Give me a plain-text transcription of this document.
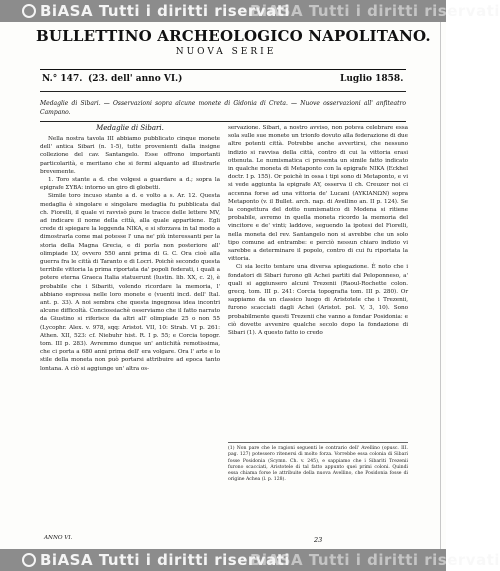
BiASA Tutti i diritti riservati
BiASA Tutti i diritti riservati
BULLETTINO ARCHEOLOGICO NAPOLITANO.
NUOVA SERIE
N.° 147. (23. dell' anno VI.)	Luglio 1858.
Medaglie di Sibari. — Osservazioni sopra alcune monete di Gidonia di Creta. — Nuove osservazioni all' anfiteatro Campano.
Medaglie di Sibari.

Nella nostra tavola III abbiamo pubblicato cinque monete dell' antica Sibari (n. 1-5), tutte provenienti dalla insigne collezione del cav. Santangelo. Esse offrono importanti particolarità, e meritano che si fermi alquanto ad illustrarle brevemente.

1. Toro stante a d. che volgesi a guardare a d.; sopra la epigrafe ΣYBA: intorno un giro di globetti.

Simile toro incuso stante a d. e volto a s. Ar. 12. Questa medaglia è singolare e singolare medaglia fu pubblicata dal ch. Fiorelli, il quale vi ravvisò pure le tracce delle lettere MV, ad indicare il nome della città, alla quale appartiene. Egli crede di spiegare la leggenda NIKA, e si sforzava in tal modo a dimostrarla come mai potesse l' una ne' più interessanti per la storia della Magna Grecia, e di porla non posteriore all' olimpiade LV, ovvero 550 anni prima di G. C. Ora cioè alla guerra fra le città di Taranto e di Locri. Poichè secondo questa terribile vittoria la prima riportata da' popoli federati, i quali a potere eterna Graeca Italia statuerunt (Iustin. lib. XX, c. 2), è probabile che i Sibariti, volendo ricordare la memoria, l' abbiano espressa nelle loro monete e (vuenti incd. dell' Ital. ant. p. 33). A noi sembra che questa ingegnosa idea incontri alcune difficoltà. Conciossiachè osserviamo che il fatto narrato da Giustino si riferisce da altri all' olimpiade 25 o non 55 (Lycophr. Alex. v. 978, sqq: Aristot. VII, 10: Strab. VI p. 261: Athen. XII, 523: cf. Niebuhr hist. R. I p. 55; e Corcia topogr. tom. III p. 283). Avremmo dunque un' antichità remotissima, che ci porta a 680 anni prima dell' era volgare. Ora l' arte e lo stile della moneta non può portarsi attribuire ad epoca tanto lontana. A ciò si aggiunge un' altra os-

ANNO VI.

servazione. Sibari, a nostro avviso, non poteva celebrare essa sola sulle sue monete un trionfo dovuto alla federazione di due altre potenti città. Potrebbe anche avvertirsi, che nessuno indizio si ravvisa della città, contro di cui la vittoria erasi ottenuta. Le numismatica ci presenta un simile fatto indicato in qualche moneta di Metaponto con la epigrafe NIKA (Eckhel doctr. I p. 155). Or poichè in ossa i tipi sono di Metaponto, e vi si vede aggiunta la epigrafe AY, osserva il ch. Creuzer noi ci accenna forse ad una vittoria de' Lucani (AYKIANΩN) sopra Metaponto (v. il Bullet. arch. nap. di Avellino an. II p. 124). Se la congettura del dotto numismatico di Modena si ritiene probabile, avremo in quella moneta ricordo la memoria del vincitore e de' vinti; laddove, seguendo la ipotesi del Fiorelli, nella moneta del rev. Santangelo non si avrebbe che un solo tipo comune ad entrambe: e perciò nessun chiaro indizio vi sarebbe a determinare il popolo, contro di cui fu riportata la vittoria.

Ci sia lecito tentare una diversa spiegazione. È noto che i fondatori di Sibari furono gli Achei partiti dal Peloponneso, a' quali si aggiunsero alcuni Trezenii (Raoul-Rochette colon. grecq. tom. III p. 241: Corcia topografia tom. III p. 280). Or sappiamo da un classico luogo di Aristotele che i Trezenii, furono scacciati dagli Achei (Aristot. pol. V, 3, 10). Sono probabilmente questi Trezenii che vanno a fondar Posidonia: e ciò dovette avvenire qualche secolo dopo la fondazione di Sibari (1). A questo fatto io credo

(1) Non pare che le ragioni seguenti le contrario dell' Avellino (opusc. III. pag. 127) potessero ritenersi di molto forza. Vorrebbe essa colonia di Sibari fosse Posidonia (Scymn. Ch. v. 245), e sappiamo che i Sibariti Trezenii furono scacciati, Aristotele di tal fatto appunto quei primi coloni. Quindi essa chiama forse le attribuite della nuova Avellino, che Posidonia fosse di origine Achea (l. p. 128).
23
BiASA Tutti i diritti riservati
BiASA Tutti i diritti riservati
